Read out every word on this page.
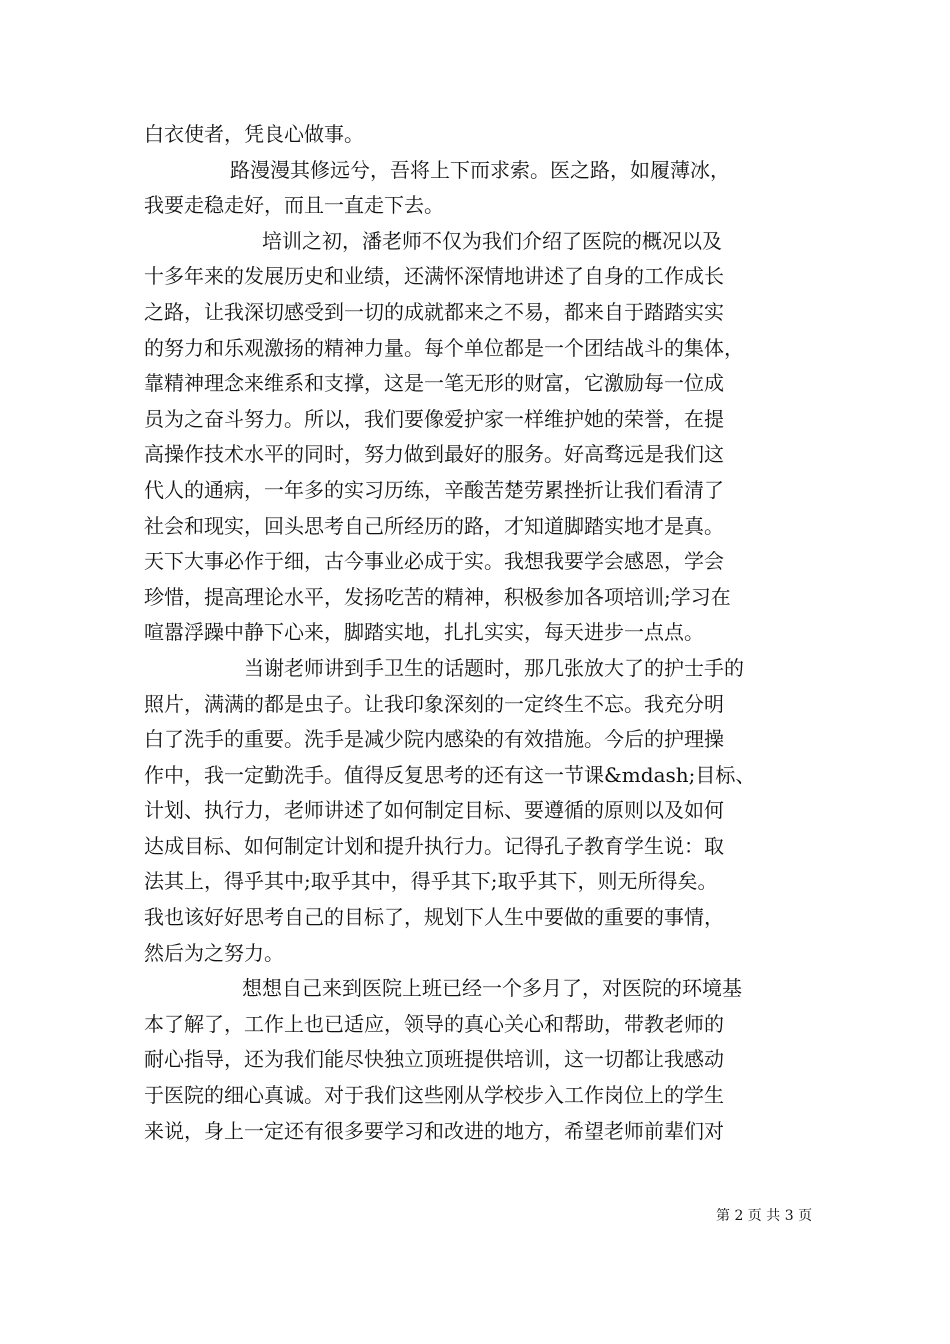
白衣使者，凭良心做事。
路漫漫其修远兮，吾将上下而求索。医之路，如履薄冰，
我要走稳走好，而且一直走下去。
培训之初，潘老师不仅为我们介绍了医院的概况以及
十多年来的发展历史和业绩，还满怀深情地讲述了自身的工作成长
之路，让我深切感受到一切的成就都来之不易，都来自于踏踏实实
的努力和乐观激扬的精神力量。每个单位都是一个团结战斗的集体，
靠精神理念来维系和支撑，这是一笔无形的财富，它激励每一位成
员为之奋斗努力。所以，我们要像爱护家一样维护她的荣誉，在提
高操作技术水平的同时，努力做到最好的服务。好高骛远是我们这
代人的通病，一年多的实习历练，辛酸苦楚劳累挫折让我们看清了
社会和现实，回头思考自己所经历的路，才知道脚踏实地才是真。
天下大事必作于细，古今事业必成于实。我想我要学会感恩，学会
珍惜，提高理论水平，发扬吃苦的精神，积极参加各项培训;学习在
喧嚣浮躁中静下心来，脚踏实地，扎扎实实，每天进步一点点。
当谢老师讲到手卫生的话题时，那几张放大了的护士手的
照片，满满的都是虫子。让我印象深刻的一定终生不忘。我充分明
白了洗手的重要。洗手是减少院内感染的有效措施。今后的护理操
作中，我一定勤洗手。值得反复思考的还有这一节课&mdash;目标、
计划、执行力，老师讲述了如何制定目标、要遵循的原则以及如何
达成目标、如何制定计划和提升执行力。记得孔子教育学生说：取
法其上，得乎其中;取乎其中，得乎其下;取乎其下，则无所得矣。
我也该好好思考自己的目标了，规划下人生中要做的重要的事情，
然后为之努力。
想想自己来到医院上班已经一个多月了，对医院的环境基
本了解了，工作上也已适应，领导的真心关心和帮助，带教老师的
耐心指导，还为我们能尽快独立顶班提供培训，这一切都让我感动
于医院的细心真诚。对于我们这些刚从学校步入工作岗位上的学生
来说，身上一定还有很多要学习和改进的地方，希望老师前辈们对
第 2 页 共 3 页
